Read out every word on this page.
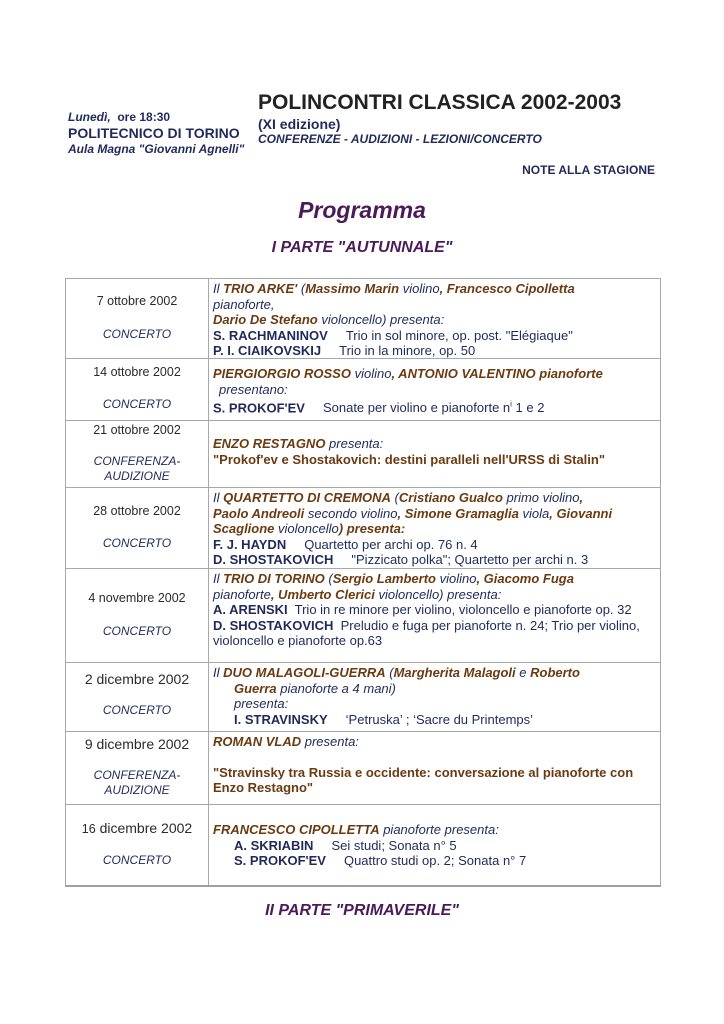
Lunedì, ore 18:30
POLITECNICO DI TORINO
Aula Magna "Giovanni Agnelli"
POLINCONTRI CLASSICA 2002-2003
(XI edizione)
CONFERENZE - AUDIZIONI - LEZIONI/CONCERTO
NOTE ALLA STAGIONE
Programma
I PARTE "AUTUNNALE"
7 ottobre 2002
CONCERTO
Il TRIO ARKE' (Massimo Marin violino, Francesco Cipolletta
pianoforte,
Dario De Stefano violoncello) presenta:
S. RACHMANINOV Trio in sol minore, op. post. "Elégiaque"
P. I. CIAIKOVSKIJ Trio in la minore, op. 50
14 ottobre 2002
CONCERTO
PIERGIORGIO ROSSO violino, ANTONIO VALENTINO pianoforte
presentano:
S. PROKOF'EV Sonate per violino e pianoforte $n^i$ 1 e 2
21 ottobre 2002
CONFERENZA-
AUDIZIONE
ENZO RESTAGNO presenta:
"Prokof'ev e Shostakovich: destini paralleli nell'URSS di Stalin"
28 ottobre 2002
CONCERTO
Il QUARTETTO DI CREMONA (Cristiano Gualco primo violino,
Paolo Andreoli secondo violino, Simone Gramaglia viola, Giovanni
Scaglione violoncello) presenta:
F. J. HAYDN Quartetto per archi op. 76 n. 4
D. SHOSTAKOVICH "Pizzicato polka"; Quartetto per archi n. 3
4 novembre 2002
CONCERTO
Il TRIO DI TORINO (Sergio Lamberto violino, Giacomo Fuga
pianoforte, Umberto Clerici violoncello) presenta:
A. ARENSKI Trio in re minore per violino, violoncello e pianoforte op. 32
D. SHOSTAKOVICH Preludio e fuga per pianoforte n. 24; Trio per violino, violoncello e pianoforte op.63
2 dicembre 2002
CONCERTO
Il DUO MALAGOLI-GUERRA (Margherita Malagoli e Roberto
Guerra pianoforte a 4 mani)
presenta:
I. STRAVINSKY ‘Petruska’ ; ‘Sacre du Printemps’
9 dicembre 2002
CONFERENZA-
AUDIZIONE
ROMAN VLAD presenta:
"Stravinsky tra Russia e occidente: conversazione al pianoforte con Enzo Restagno"
16 dicembre 2002
CONCERTO
FRANCESCO CIPOLLETTA pianoforte presenta:
A. SKRIABIN Sei studi; Sonata n° 5
S. PROKOF'EV Quattro studi op. 2; Sonata n° 7
II PARTE "PRIMAVERILE"
